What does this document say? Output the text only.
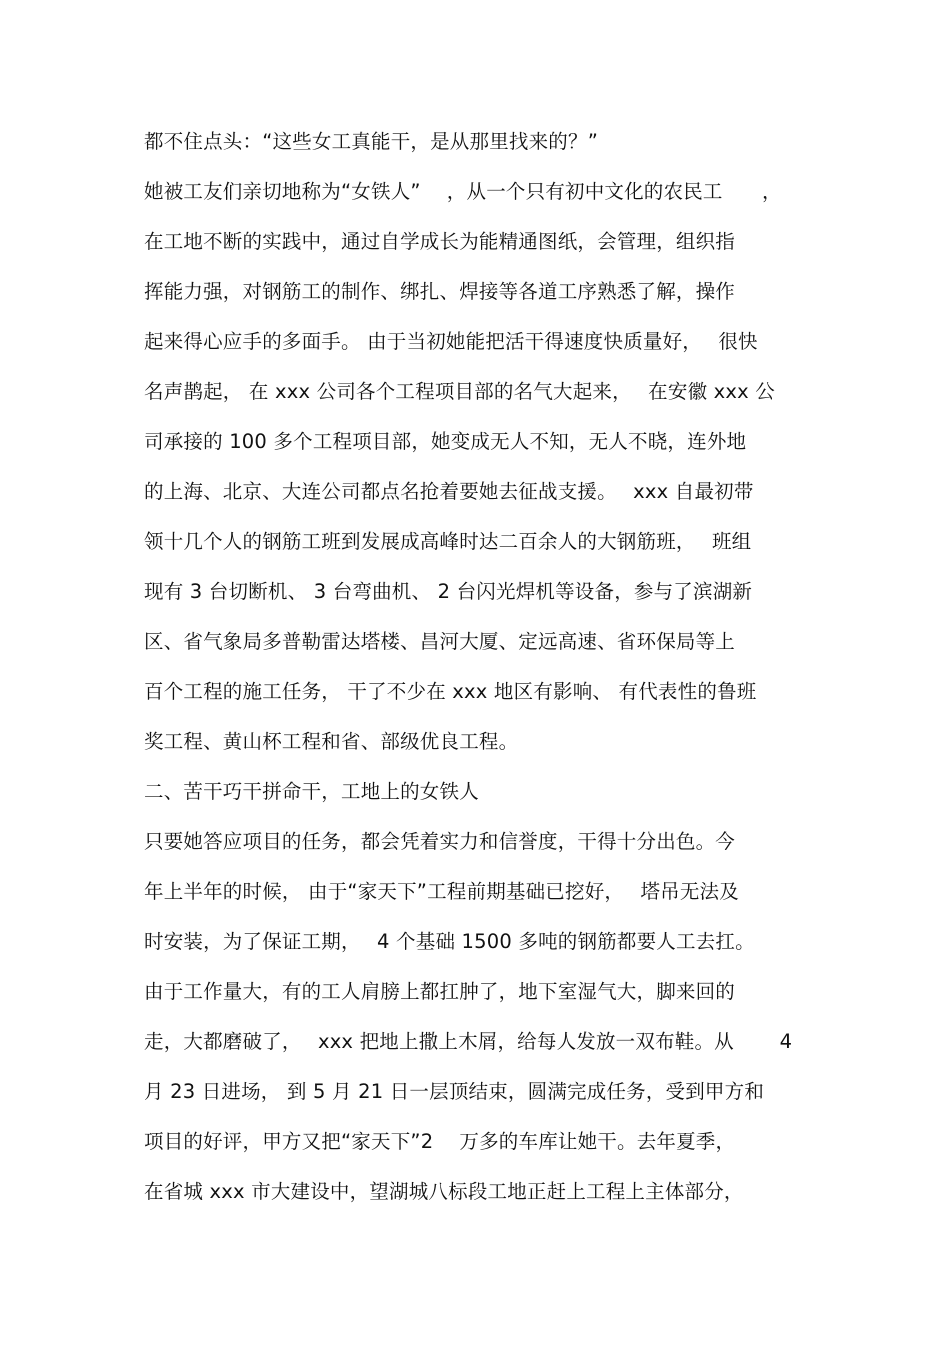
都不住点头：“这些女工真能干，是从那里找来的？”
她被工友们亲切地称为“女铁人”　 ，从一个只有初中文化的农民工　　，
在工地不断的实践中，通过自学成长为能精通图纸，会管理，组织指
挥能力强，对钢筋工的制作、绑扎、焊接等各道工序熟悉了解，操作
起来得心应手的多面手。 由于当初她能把活干得速度快质量好，　 很快
名声鹊起， 在 xxx 公司各个工程项目部的名气大起来，　 在安徽 xxx 公
司承接的 100 多个工程项目部，她变成无人不知，无人不晓，连外地
的上海、北京、大连公司都点名抢着要她去征战支援。　 xxx 自最初带
领十几个人的钢筋工班到发展成高峰时达二百余人的大钢筋班，　 班组
现有 3 台切断机、 3 台弯曲机、 2 台闪光焊机等设备，参与了滨湖新
区、省气象局多普勒雷达塔楼、昌河大厦、定远高速、省环保局等上
百个工程的施工任务， 干了不少在 xxx 地区有影响、 有代表性的鲁班
奖工程、黄山杯工程和省、部级优良工程。
二、苦干巧干拼命干，工地上的女铁人
只要她答应项目的任务，都会凭着实力和信誉度，干得十分出色。今
年上半年的时候， 由于“家天下”工程前期基础已挖好，　 塔吊无法及
时安装，为了保证工期，　 4 个基础 1500 多吨的钢筋都要人工去扛。
由于工作量大，有的工人肩膀上都扛肿了，地下室湿气大，脚来回的
走，大都磨破了，　 xxx 把地上撒上木屑，给每人发放一双布鞋。从　 　4
月 23 日进场， 到 5 月 21 日一层顶结束，圆满完成任务，受到甲方和
项目的好评，甲方又把“家天下”2　 万多的车库让她干。去年夏季，
在省城 xxx 市大建设中，望湖城八标段工地正赶上工程上主体部分，
